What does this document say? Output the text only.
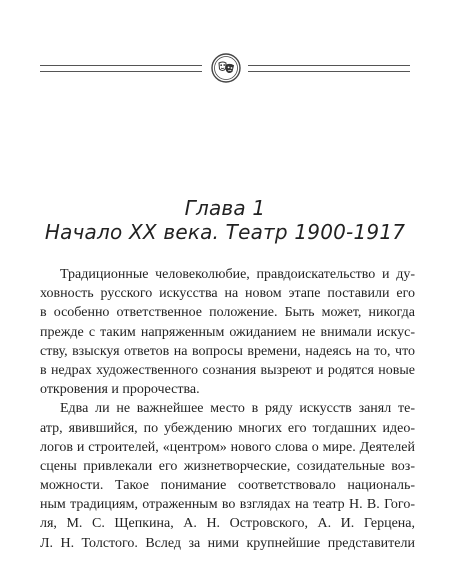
Глава 1
Начало XX века. Театр 1900-1917
Традиционные человеколюбие, правдоискательство и ду-
ховность русского искусства на новом этапе поставили его
в особенно ответственное положение. Быть может, никогда
прежде с таким напряженным ожиданием не внимали искус-
ству, взыскуя ответов на вопросы времени, надеясь на то, что
в недрах художественного сознания вызреют и родятся новые
откровения и пророчества.
Едва ли не важнейшее место в ряду искусств занял те-
атр, явившийся, по убеждению многих его тогдашних идео-
логов и строителей, «центром» нового слова о мире. Деятелей
сцены привлекали его жизнетворческие, созидательные воз-
можности. Такое понимание соответствовало националь-
ным традициям, отраженным во взглядах на театр Н. В. Гого-
ля, М. С. Щепкина, А. Н. Островского, А. И. Герцена,
Л. Н. Толстого. Вслед за ними крупнейшие представители
